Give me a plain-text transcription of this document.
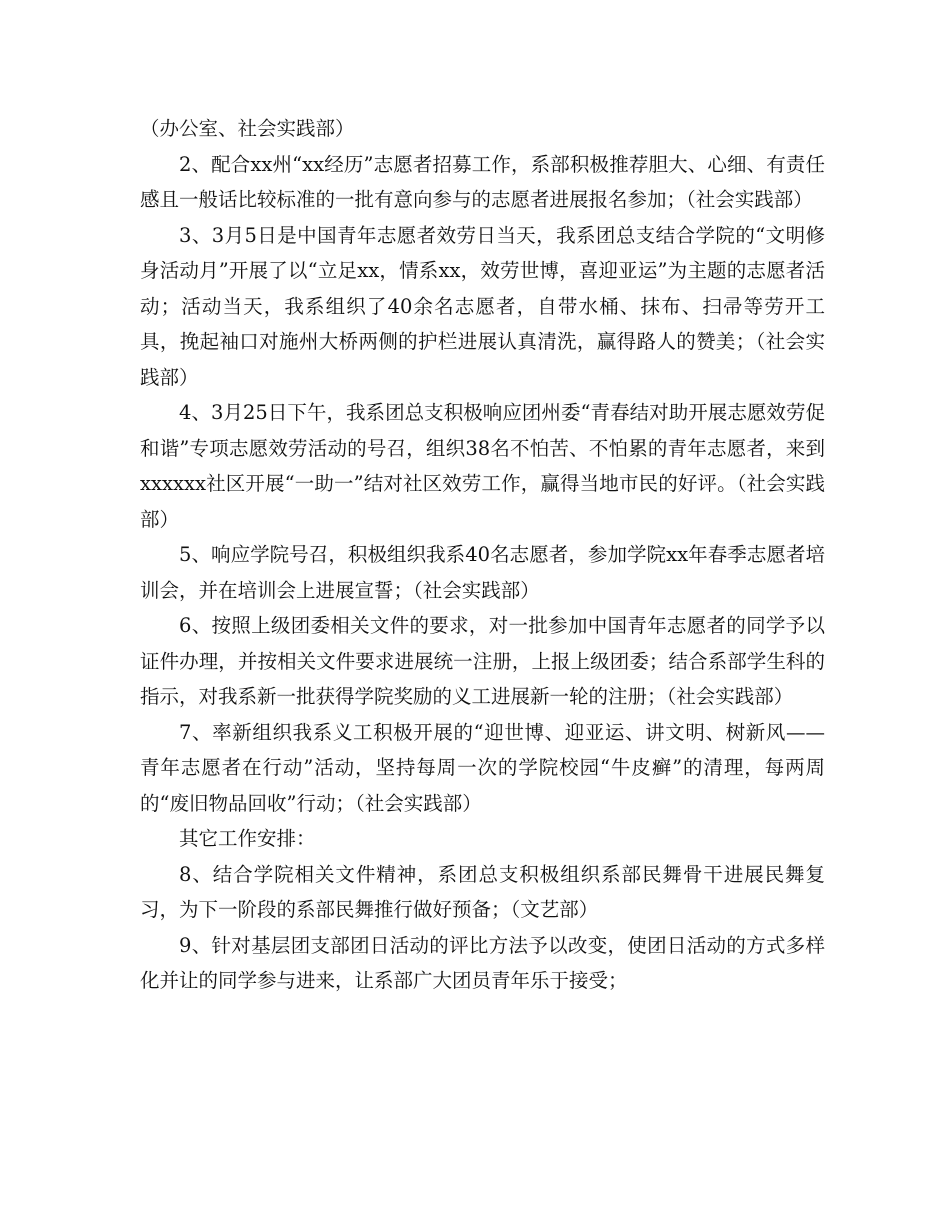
（办公室、社会实践部）

2、配合xx州“xx经历”志愿者招募工作，系部积极推荐胆大、心细、有责任感且一般话比较标准的一批有意向参与的志愿者进展报名参加；（社会实践部）

3、3月5日是中国青年志愿者效劳日当天，我系团总支结合学院的“文明修身活动月”开展了以“立足xx，情系xx，效劳世博，喜迎亚运”为主题的志愿者活动；活动当天，我系组织了40余名志愿者，自带水桶、抹布、扫帚等劳开工具，挽起袖口对施州大桥两侧的护栏进展认真清洗，赢得路人的赞美；（社会实践部）

4、3月25日下午，我系团总支积极响应团州委“青春结对助开展志愿效劳促和谐”专项志愿效劳活动的号召，组织38名不怕苦、不怕累的青年志愿者，来到xxxxxx社区开展“一助一”结对社区效劳工作，赢得当地市民的好评。（社会实践部）

5、响应学院号召，积极组织我系40名志愿者，参加学院xx年春季志愿者培训会，并在培训会上进展宣誓；（社会实践部）

6、按照上级团委相关文件的要求，对一批参加中国青年志愿者的同学予以证件办理，并按相关文件要求进展统一注册，上报上级团委；结合系部学生科的指示，对我系新一批获得学院奖励的义工进展新一轮的注册；（社会实践部）

7、率新组织我系义工积极开展的“迎世博、迎亚运、讲文明、树新风——青年志愿者在行动”活动，坚持每周一次的学院校园“牛皮癣”的清理，每两周的“废旧物品回收”行动；（社会实践部）

其它工作安排：

8、结合学院相关文件精神，系团总支积极组织系部民舞骨干进展民舞复习，为下一阶段的系部民舞推行做好预备；（文艺部）

9、针对基层团支部团日活动的评比方法予以改变，使团日活动的方式多样化并让的同学参与进来，让系部广大团员青年乐于接受；
